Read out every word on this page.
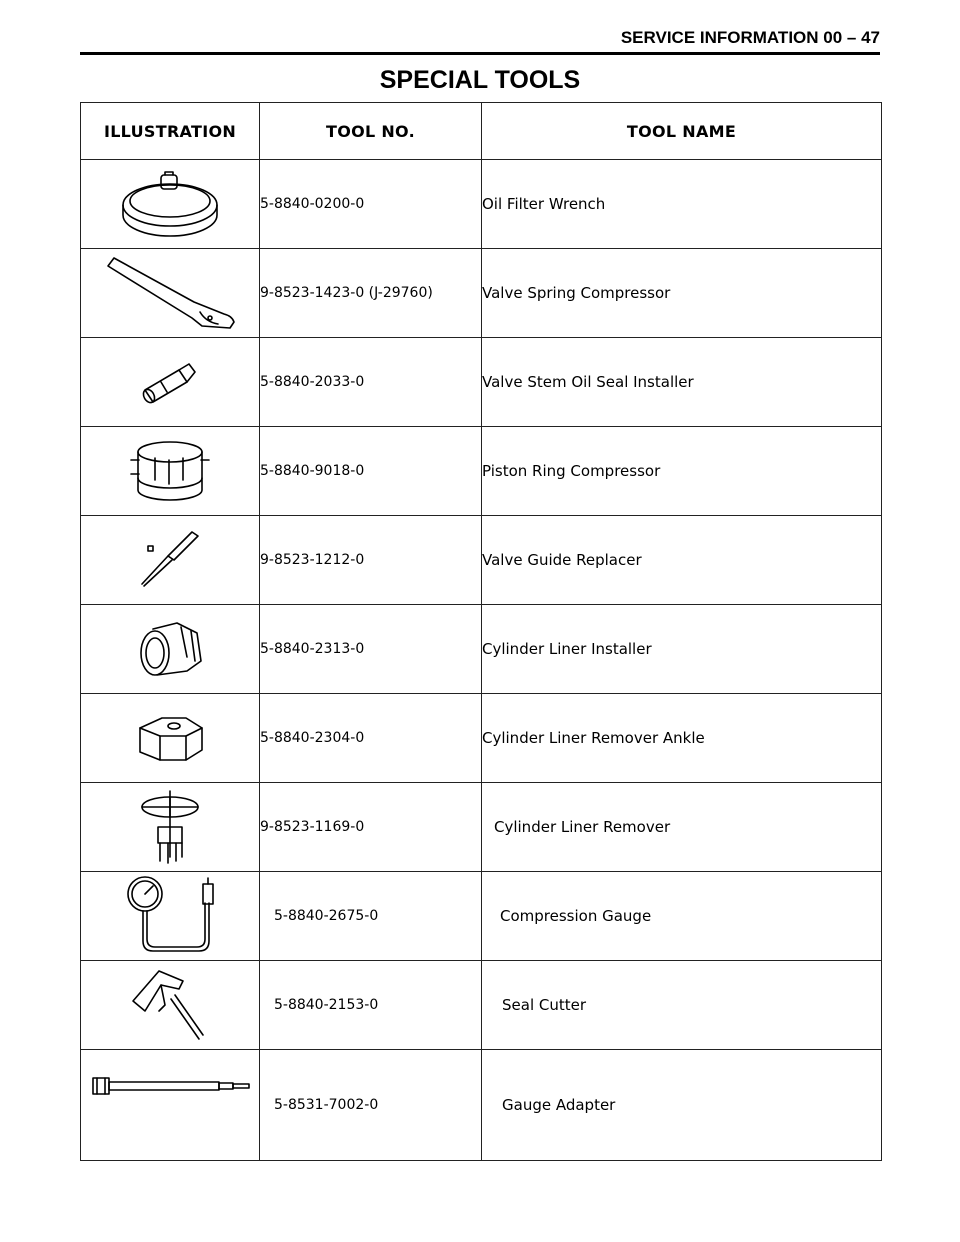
SERVICE INFORMATION 00 – 47
SPECIAL TOOLS
ILLUSTRATION	TOOL NO.	TOOL NAME

	5-8840-0200-0	Oil Filter Wrench

	9-8523-1423-0 (J-29760)	Valve Spring Compressor

	5-8840-2033-0	Valve Stem Oil Seal Installer

	5-8840-9018-0	Piston Ring Compressor

	9-8523-1212-0	Valve Guide Replacer

	5-8840-2313-0	Cylinder Liner Installer

	5-8840-2304-0	Cylinder Liner Remover Ankle

	9-8523-1169-0	Cylinder Liner Remover

	5-8840-2675-0	Compression Gauge

	5-8840-2153-0	Seal Cutter

	5-8531-7002-0	Gauge Adapter
